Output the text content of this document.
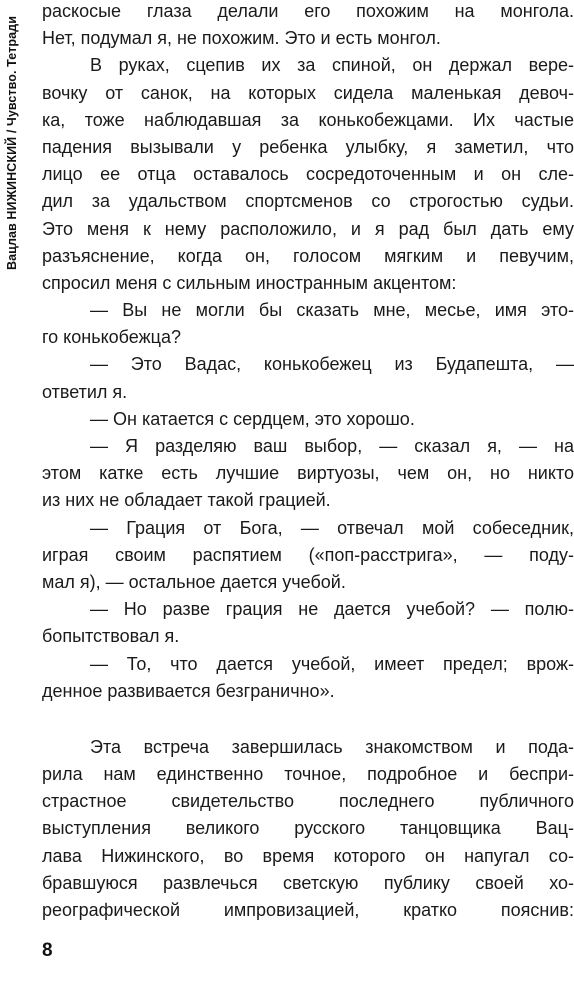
Вацлав НИЖИНСКИЙ / Чувство. Тетради
раскосые глаза делали его похожим на монгола.
Нет, подумал я, не похожим. Это и есть монгол.
В руках, сцепив их за спиной, он держал вере-
вочку от санок, на которых сидела маленькая девоч-
ка, тоже наблюдавшая за конькобежцами. Их частые
падения вызывали у ребенка улыбку, я заметил, что
лицо ее отца оставалось сосредоточенным и он сле-
дил за удальством спортсменов со строгостью судьи.
Это меня к нему расположило, и я рад был дать ему
разъяснение, когда он, голосом мягким и певучим,
спросил меня с сильным иностранным акцентом:
— Вы не могли бы сказать мне, месье, имя это-
го конькобежца?
— Это Вадас, конькобежец из Будапешта, —
ответил я.
— Он катается с сердцем, это хорошо.
— Я разделяю ваш выбор, — сказал я, — на
этом катке есть лучшие виртуозы, чем он, но никто
из них не обладает такой грацией.
— Грация от Бога, — отвечал мой собеседник,
играя своим распятием («поп-расстрига», — поду-
мал я), — остальное дается учебой.
— Но разве грация не дается учебой? — полю-
бопытствовал я.
— То, что дается учебой, имеет предел; врож-
денное развивается безгранично».
Эта встреча завершилась знакомством и пода-
рила нам единственно точное, подробное и беспри-
страстное свидетельство последнего публичного
выступления великого русского танцовщика Вац-
лава Нижинского, во время которого он напугал со-
бравшуюся развлечься светскую публику своей хо-
реографической импровизацией, кратко пояснив:
8
